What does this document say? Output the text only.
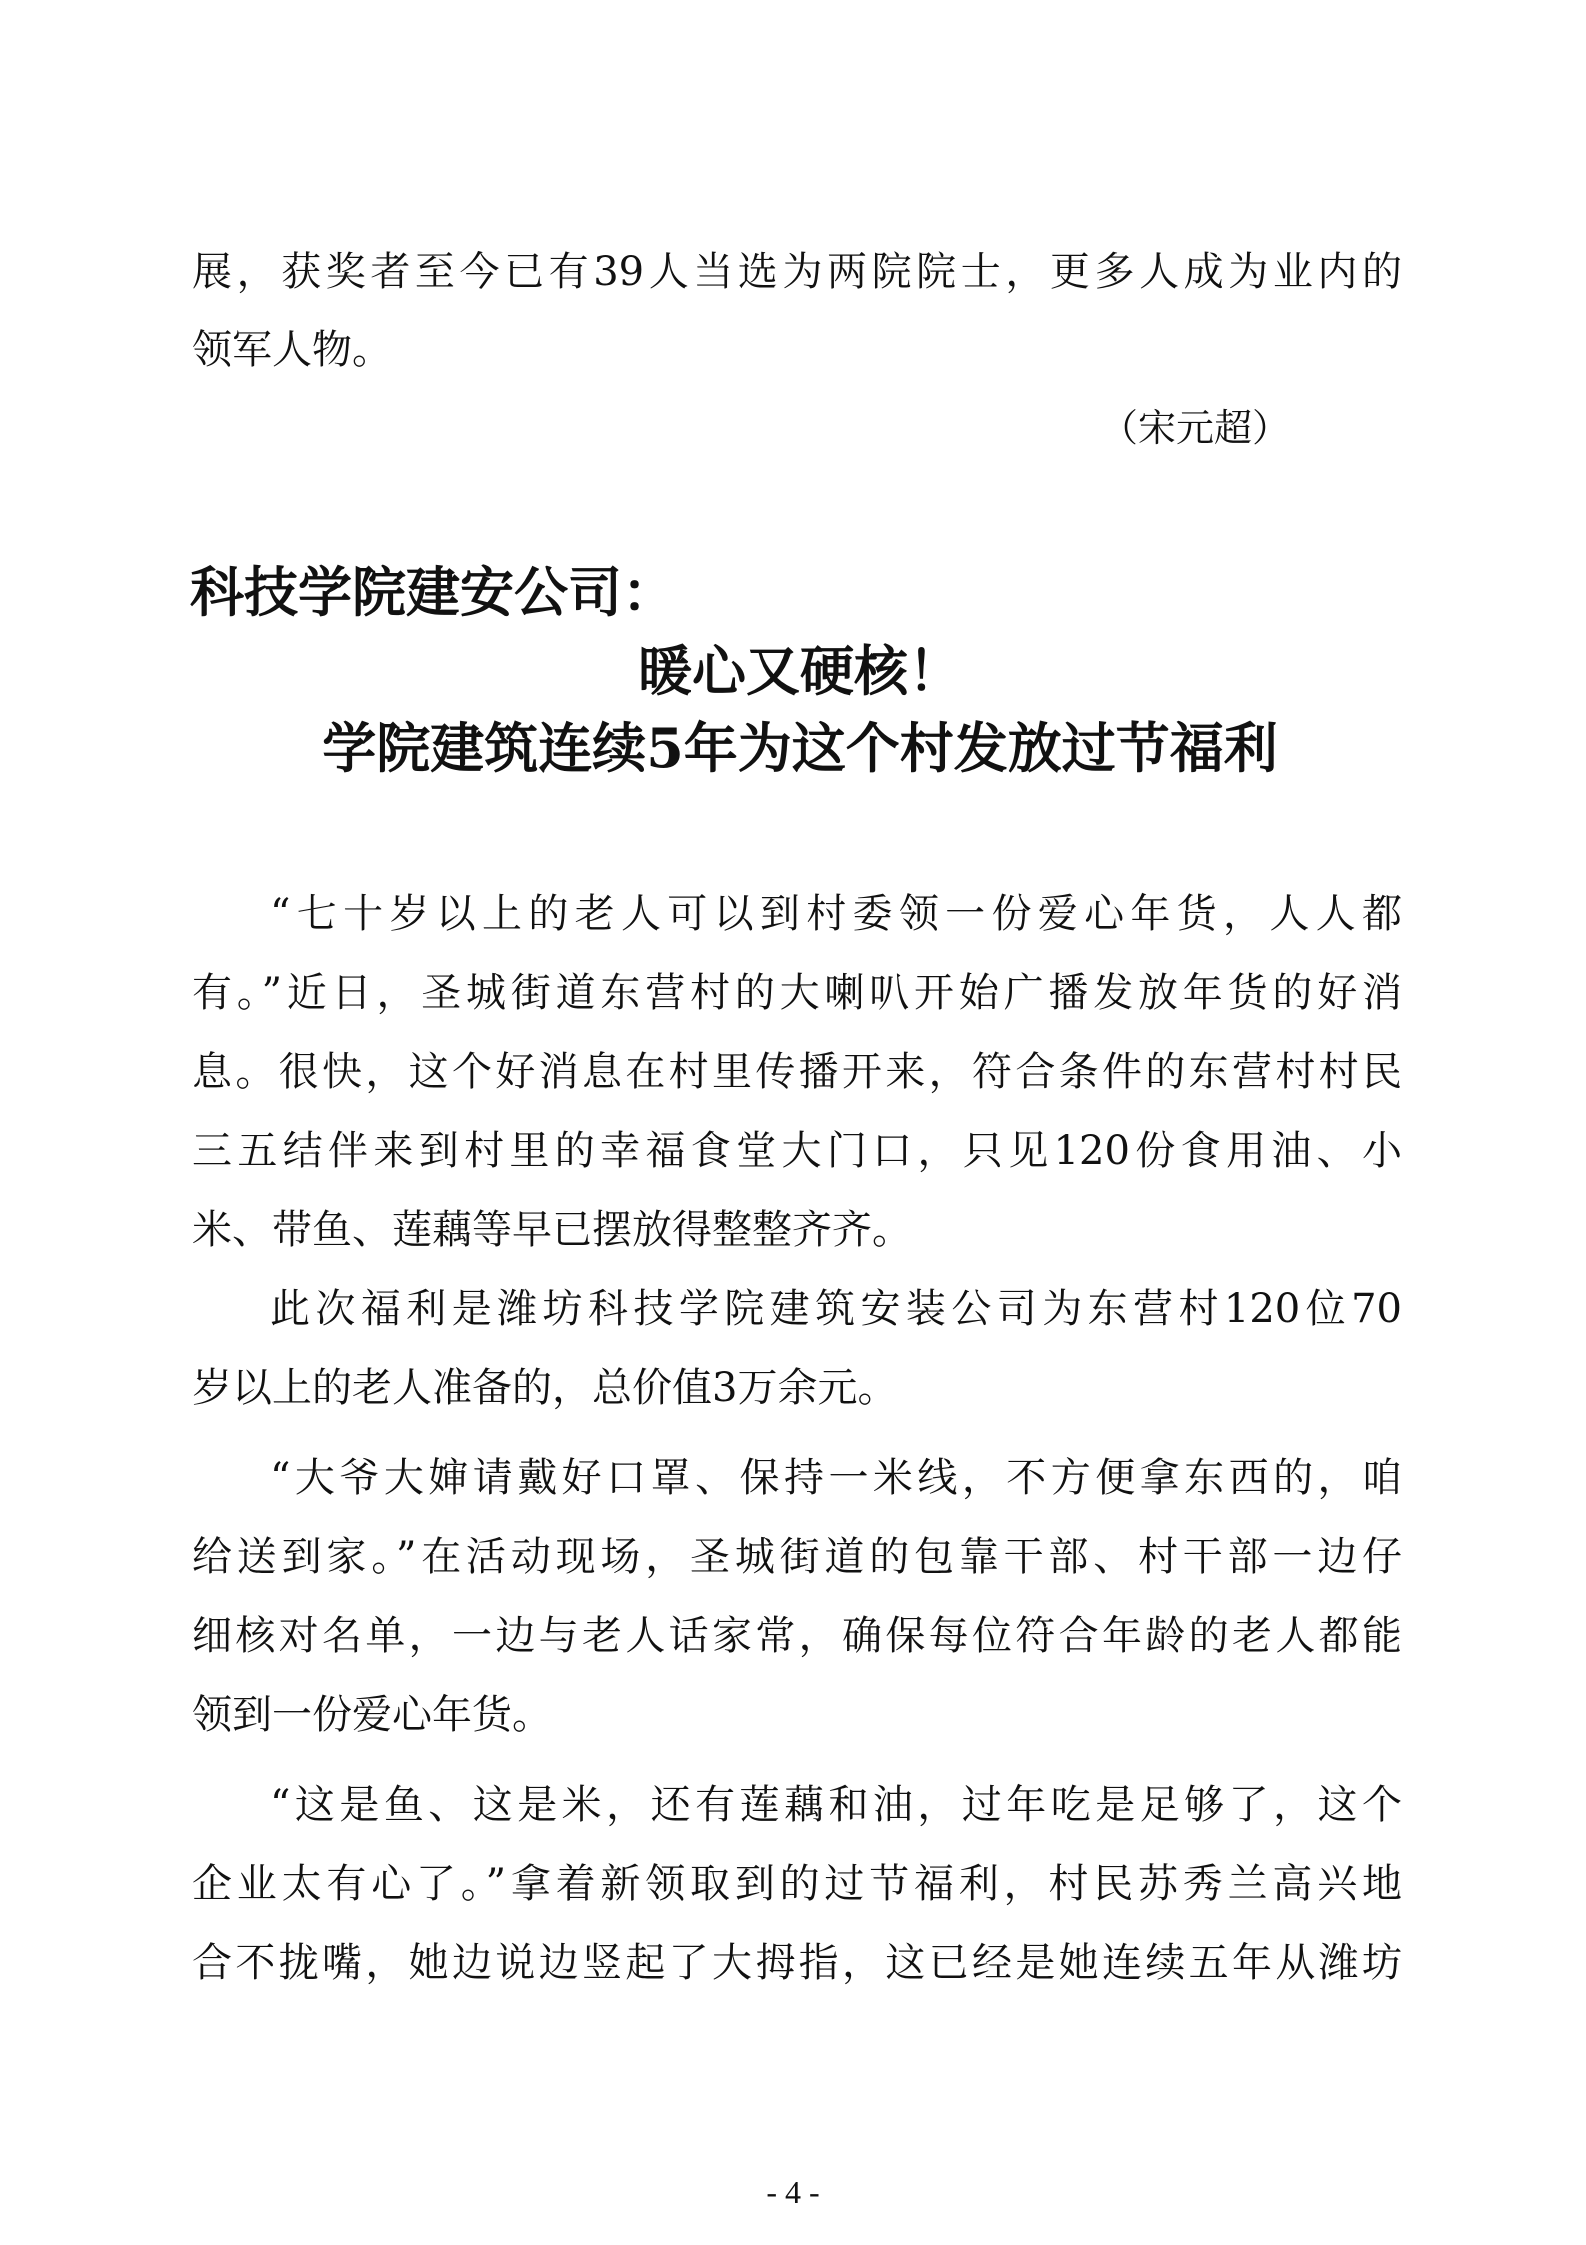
展，获奖者至今已有39人当选为两院院士，更多人成为业内的
领军人物。
（宋元超）
科技学院建安公司：
暖心又硬核！
学院建筑连续5年为这个村发放过节福利
“七十岁以上的老人可以到村委领一份爱心年货，人人都
有。”近日，圣城街道东营村的大喇叭开始广播发放年货的好消
息。很快，这个好消息在村里传播开来，符合条件的东营村村民
三五结伴来到村里的幸福食堂大门口，只见120份食用油、小
米、带鱼、莲藕等早已摆放得整整齐齐。
此次福利是潍坊科技学院建筑安装公司为东营村120位70
岁以上的老人准备的，总价值3万余元。
“大爷大婶请戴好口罩、保持一米线，不方便拿东西的，咱
给送到家。”在活动现场，圣城街道的包靠干部、村干部一边仔
细核对名单，一边与老人话家常，确保每位符合年龄的老人都能
领到一份爱心年货。
“这是鱼、这是米，还有莲藕和油，过年吃是足够了，这个
企业太有心了。”拿着新领取到的过节福利，村民苏秀兰高兴地
合不拢嘴，她边说边竖起了大拇指，这已经是她连续五年从潍坊
- 4 -
